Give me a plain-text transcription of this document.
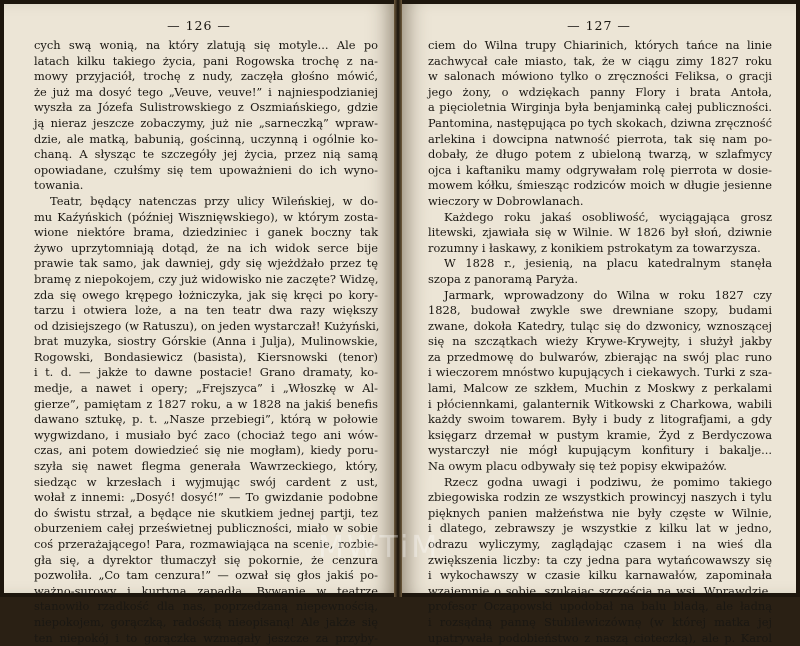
— 126 —
cych swą wonią, na który zlatują się motyle... Ale po
latach kilku takiego życia, pani Rogowska trochę z na-
mowy przyjaciół, trochę z nudy, zaczęła głośno mówić,
że już ma dosyć tego „Veuve, veuve!” i najniespodzianiej
wyszła za Józefa Sulistrowskiego z Oszmiańskiego, gdzie
ją nieraz jeszcze zobaczymy, już nie „sarneczką” wpraw-
dzie, ale matką, babunią, gościnną, uczynną i ogólnie ko-
chaną. A słysząc te szczegóły jej życia, przez nią samą
opowiadane, czułśmy się tem upoważnieni do ich wyno-
towania.
Teatr, będący natenczas przy ulicy Wileńskiej, w do-
mu Kaźyńskich (później Wisznięwskiego), w którym zosta-
wione niektóre brama, dziedziniec i ganek boczny tak
żywo uprzytomniają dotąd, że na ich widok serce bije
prawie tak samo, jak dawniej, gdy się wjeżdżało przez tę
bramę z niepokojem, czy już widowisko nie zaczęte? Widzę,
zda się owego krępego łożniczyka, jak się kręci po kory-
tarzu i otwiera loże, a na ten teatr dwa razy większy
od dzisiejszego (w Ratuszu), on jeden wystarczał! Kużyński,
brat muzyka, siostry Górskie (Anna i Julja), Mulinowskie,
Rogowski, Bondasiewicz (basista), Kiersnowski (tenor)
i t. d. — jakże to dawne postacie! Grano dramaty, ko-
medje, a nawet i opery; „Frejszyca” i „Włoszkę w Al-
gierze”, pamiętam z 1827 roku, a w 1828 na jakiś benefis
dawano sztukę, p. t. „Nasze przebiegi”, którą w połowie
wygwizdano, i musiało być zaco (chociaż tego ani wów-
czas, ani potem dowiedzieć się nie mogłam), kiedy poru-
szyła się nawet flegma generała Wawrzeckiego, który,
siedząc w krzesłach i wyjmując swój cardent z ust,
wołał z innemi: „Dosyć! dosyć!” — To gwizdanie podobne
do świstu strzał, a będące nie skutkiem jednej partji, tez
oburzeniem całej prześwietnej publiczności, miało w sobie
coś przerażającego! Para, rozmawiająca na scenie, rozbie-
gła się, a dyrektor tłumaczył się pokornie, że cenzura
pozwoliła. „Co tam cenzura!” — ozwał się głos jakiś po-
ważno-surowy i kurtyna zapadła. Bywanie w teatrze
stanowiło rzadkość dla nas, poprzedzaną niepewnością,
niepokojem, gorączką, radością nieopisaną! Ale jakże się
ten niepokój i to gorączka wzmagały jeszcze za przyby-
— 127 —
ciem do Wilna trupy Chiarinich, których tańce na linie
zachwycał całe miasto, tak, że w ciągu zimy 1827 roku
w salonach mówiono tylko o zręczności Feliksa, o gracji
jego żony, o wdziękach panny Flory i brata Antoła,
a pięcioletnia Wirginja była benjaminką całej publiczności.
Pantomina, następująca po tych skokach, dziwna zręczność
arlekina i dowcipna natwność pierrota, tak się nam po-
dobały, że długo potem z ubieloną twarzą, w szlafmycy
ojca i kaftaniku mamy odgrywałam rolę pierrota w dosie-
mowem kółku, śmiesząc rodziców moich w długie jesienne
wieczory w Dobrowlanach.
Każdego roku jakaś osobliwość, wyciągająca grosz
litewski, zjawiała się w Wilnie. W 1826 był słoń, dziwnie
rozumny i łaskawy, z konikiem pstrokatym za towarzysza.
W 1828 r., jesienią, na placu katedralnym stanęła
szopa z panoramą Paryża.
Jarmark, wprowadzony do Wilna w roku 1827 czy
1828, budował zwykle swe drewniane szopy, budami
zwane, dokoła Katedry, tuląc się do dzwonicy, wznoszącej
się na szczątkach wieży Krywe-Krywejty, i służył jakby
za przedmowę do bulwarów, zbierając na swój plac runo
i wieczorem mnóstwo kupujących i ciekawych. Turki z sza-
lami, Malcow ze szkłem, Muchin z Moskwy z perkalami
i płóciennkami, galanternik Witkowski z Charkowa, wabili
każdy swoim towarem. Były i budy z litografjami, a gdy
księgarz drzemał w pustym kramie, Żyd z Berdyczowa
wystarczył nie mógł kupującym konfitury i bakalje...
Na owym placu odbywały się też popisy ekwipażów.
Rzecz godna uwagi i podziwu, że pomimo takiego
zbiegowiska rodzin ze wszystkich prowincyj naszych i tylu
pięknych panien małżeństwa nie były częste w Wilnie,
i dlatego, zebrawszy je wszystkie z kilku lat w jedno,
odrazu wyliczymy, zaglądając czasem i na wieś dla
zwiększenia liczby: ta czy jedna para wytańcowawszy się
i wykochawszy w czasie kilku karnawałów, zapominała
wzajemnie o sobie, szukając szczęścia na wsi. Wprawdzie,
profesor Oczapowski upodobał na balu bladą, ale ładną
i rozsądną pannę Stubilewiczównę (w której matka jej
upatrywała podobieństwo z naszą cioteczką), ale p. Karol
MWTiM
